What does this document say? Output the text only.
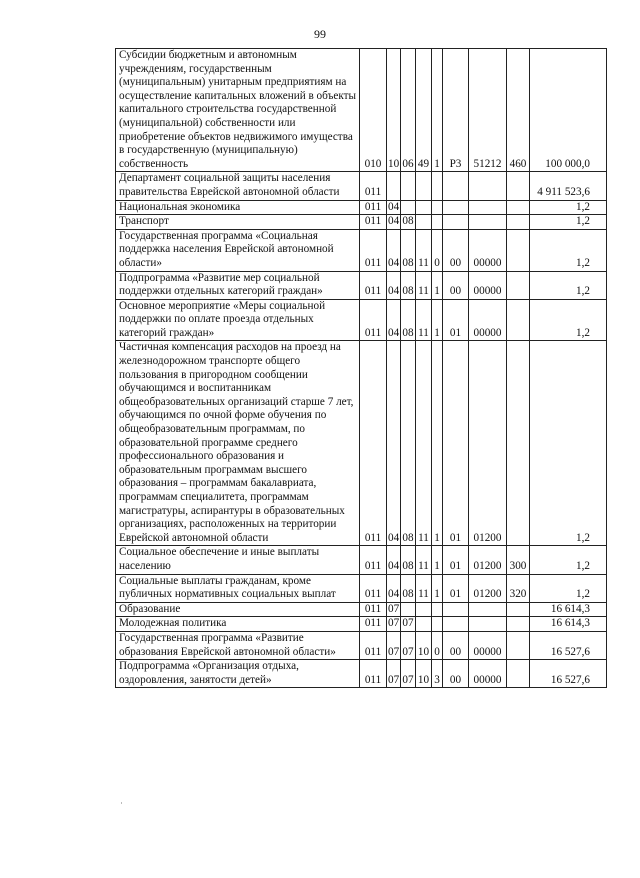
99
Субсидии бюджетным и автономным учреждениям, государственным (муниципальным) унитарным предприятиям на осуществление капитальных вложений в объекты капитального строительства государственной (муниципальной) собственности или приобретение объектов недвижимого имущества в государственную (муниципальную) собственность	010	10	06	49	1	P3	51212	460	100 000,0
Департамент социальной защиты населения правительства Еврейской автономной области	011								4 911 523,6
Национальная экономика	011	04							1,2
Транспорт	011	04	08						1,2
Государственная программа «Социальная поддержка населения Еврейской автономной области»	011	04	08	11	0	00	00000		1,2
Подпрограмма «Развитие мер социальной поддержки отдельных категорий граждан»	011	04	08	11	1	00	00000		1,2
Основное мероприятие «Меры социальной поддержки по оплате проезда отдельных категорий граждан»	011	04	08	11	1	01	00000		1,2
Частичная компенсация расходов на проезд на железнодорожном транспорте общего пользования в пригородном сообщении обучающимся и воспитанникам общеобразовательных организаций старше 7 лет, обучающимся по очной форме обучения по общеобразовательным программам, по образовательной программе среднего профессионального образования и образовательным программам высшего образования – программам бакалавриата, программам специалитета, программам магистратуры, аспирантуры в образовательных организациях, расположенных на территории Еврейской автономной области	011	04	08	11	1	01	01200		1,2
Социальное обеспечение и иные выплаты населению	011	04	08	11	1	01	01200	300	1,2
Социальные выплаты гражданам, кроме публичных нормативных социальных выплат	011	04	08	11	1	01	01200	320	1,2
Образование	011	07							16 614,3
Молодежная политика	011	07	07						16 614,3
Государственная программа «Развитие образования Еврейской автономной области»	011	07	07	10	0	00	00000		16 527,6
Подпрограмма «Организация отдыха, оздоровления, занятости детей»	011	07	07	10	3	00	00000		16 527,6
